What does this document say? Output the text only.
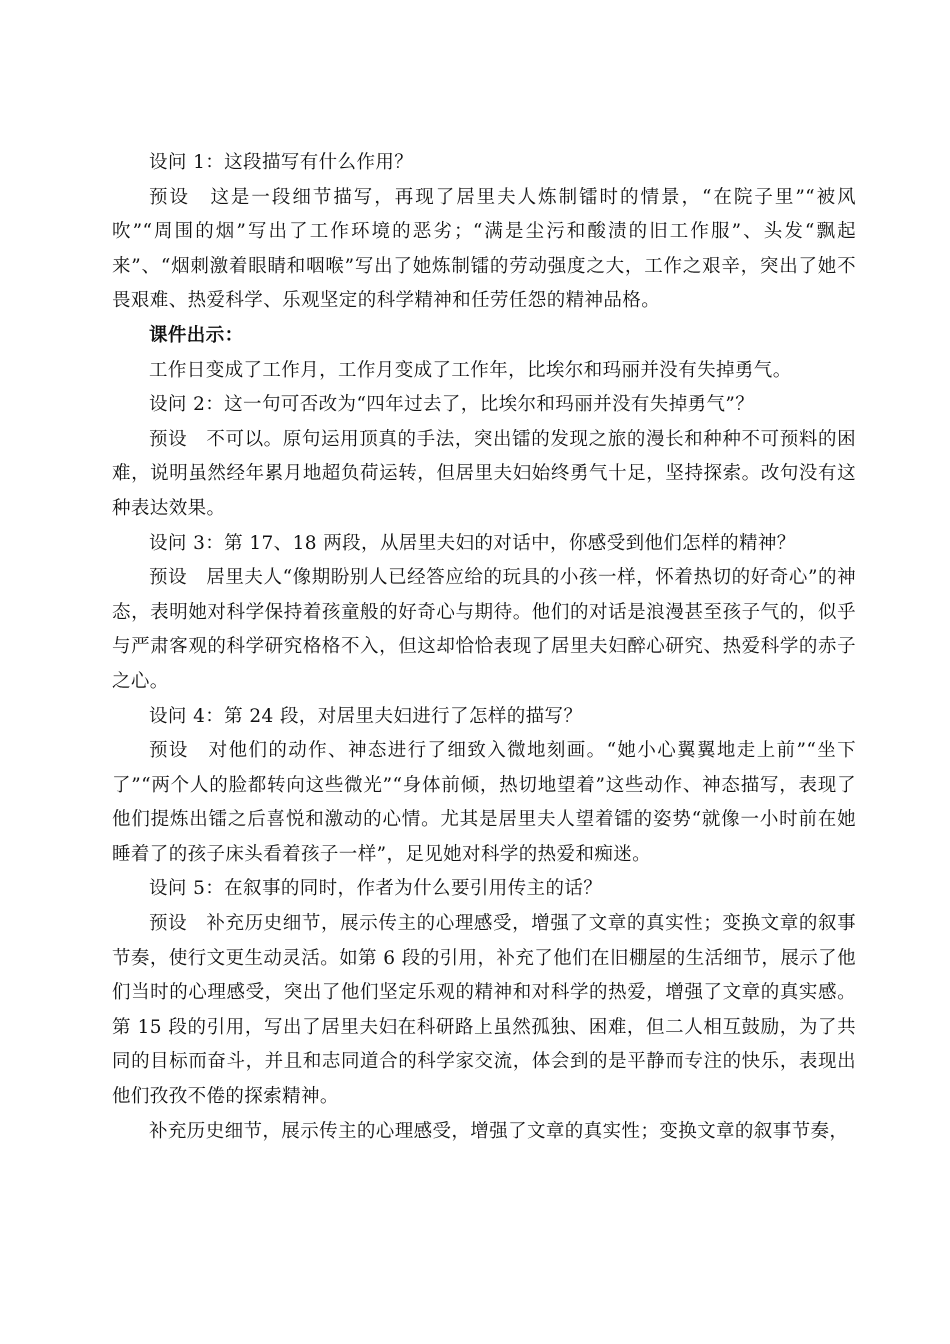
设问 1：这段描写有什么作用？

预设　这是一段细节描写，再现了居里夫人炼制镭时的情景，“在院子里”“被风吹”“周围的烟”写出了工作环境的恶劣；“满是尘污和酸渍的旧工作服”、头发“飘起来”、“烟刺激着眼睛和咽喉”写出了她炼制镭的劳动强度之大，工作之艰辛，突出了她不畏艰难、热爱科学、乐观坚定的科学精神和任劳任怨的精神品格。

课件出示：

工作日变成了工作月，工作月变成了工作年，比埃尔和玛丽并没有失掉勇气。

设问 2：这一句可否改为“四年过去了，比埃尔和玛丽并没有失掉勇气”？

预设　不可以。原句运用顶真的手法，突出镭的发现之旅的漫长和种种不可预料的困难，说明虽然经年累月地超负荷运转，但居里夫妇始终勇气十足，坚持探索。改句没有这种表达效果。

设问 3：第 17、18 两段，从居里夫妇的对话中，你感受到他们怎样的精神？

预设　居里夫人“像期盼别人已经答应给的玩具的小孩一样，怀着热切的好奇心”的神态，表明她对科学保持着孩童般的好奇心与期待。他们的对话是浪漫甚至孩子气的，似乎与严肃客观的科学研究格格不入，但这却恰恰表现了居里夫妇醉心研究、热爱科学的赤子之心。

设问 4：第 24 段，对居里夫妇进行了怎样的描写？

预设　对他们的动作、神态进行了细致入微地刻画。“她小心翼翼地走上前”“坐下了”“两个人的脸都转向这些微光”“身体前倾，热切地望着”这些动作、神态描写，表现了他们提炼出镭之后喜悦和激动的心情。尤其是居里夫人望着镭的姿势“就像一小时前在她睡着了的孩子床头看着孩子一样”，足见她对科学的热爱和痴迷。

设问 5：在叙事的同时，作者为什么要引用传主的话？

预设　补充历史细节，展示传主的心理感受，增强了文章的真实性；变换文章的叙事节奏，使行文更生动灵活。如第 6 段的引用，补充了他们在旧棚屋的生活细节，展示了他们当时的心理感受，突出了他们坚定乐观的精神和对科学的热爱，增强了文章的真实感。第 15 段的引用，写出了居里夫妇在科研路上虽然孤独、困难，但二人相互鼓励，为了共同的目标而奋斗，并且和志同道合的科学家交流，体会到的是平静而专注的快乐，表现出他们孜孜不倦的探索精神。

补充历史细节，展示传主的心理感受，增强了文章的真实性；变换文章的叙事节奏，
